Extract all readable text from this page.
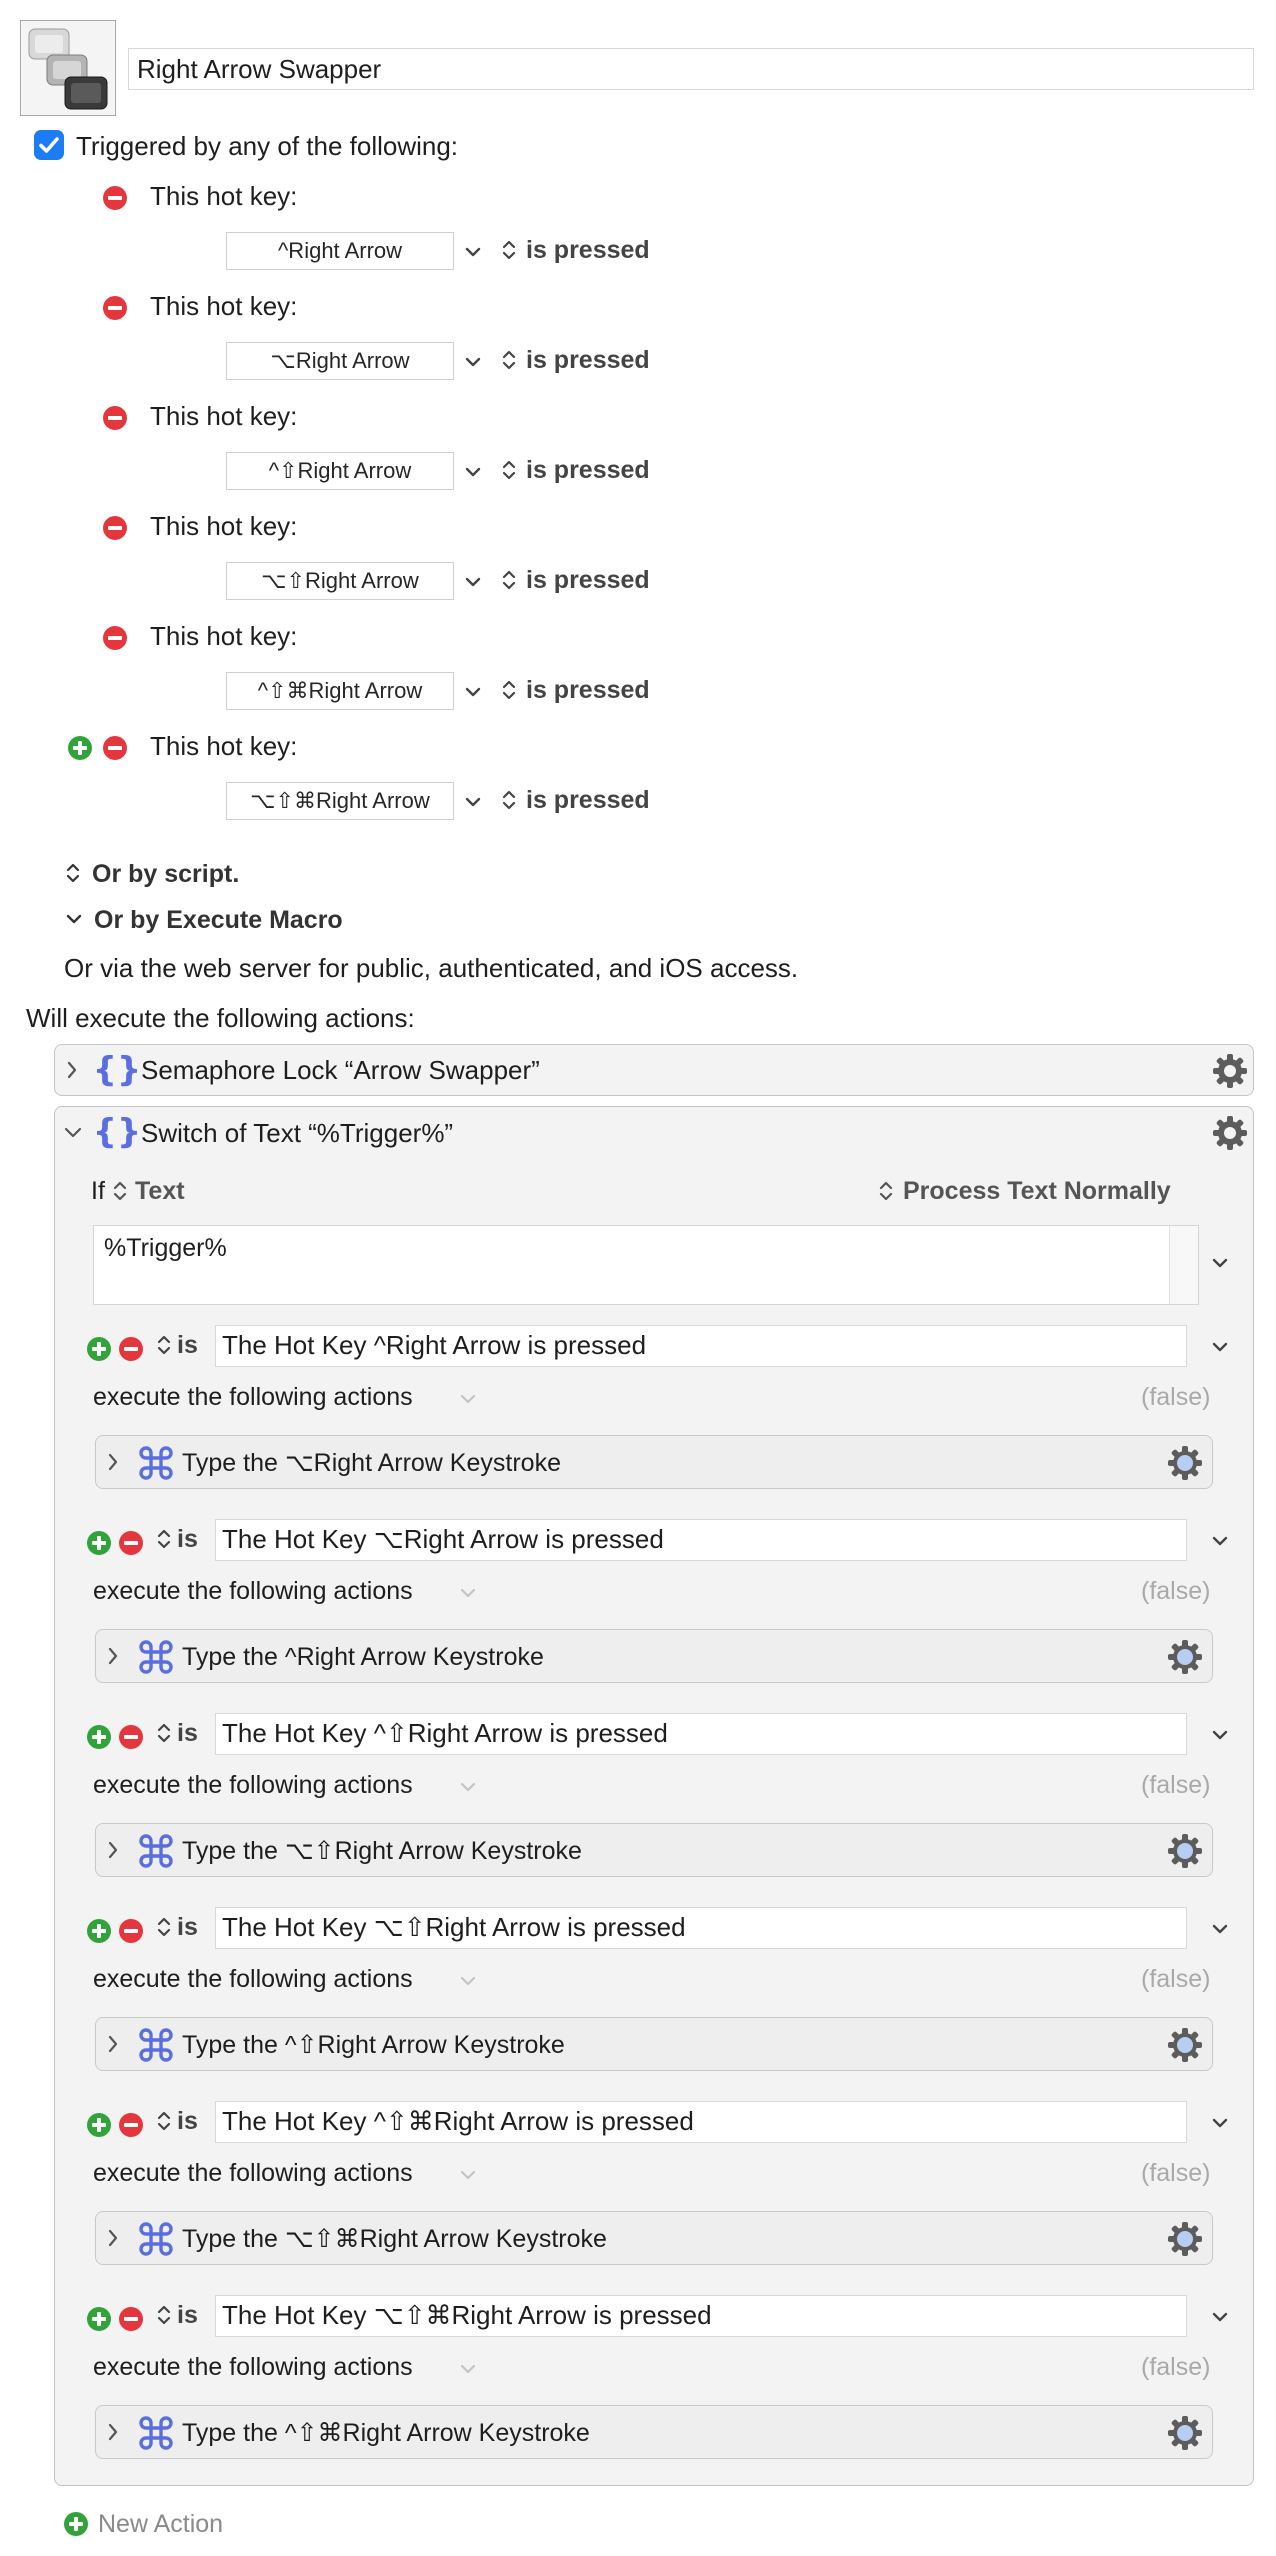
Right Arrow Swapper
Triggered by any of the following:
This hot key:
^Right Arrow	is pressed
This hot key:
⌥Right Arrow	is pressed
This hot key:
^⇧Right Arrow	is pressed
This hot key:
⌥⇧Right Arrow	is pressed
This hot key:
^⇧⌘Right Arrow	is pressed
This hot key:
⌥⇧⌘Right Arrow	is pressed
Or by script.
Or by Execute Macro
Or via the web server for public, authenticated, and iOS access.
Will execute the following actions:
{} Semaphore Lock “Arrow Swapper”
{} Switch of Text “%Trigger%”
If Text	Process Text Normally
%Trigger%
is The Hot Key ^Right Arrow is pressed
execute the following actions	(false)
Type the ⌥Right Arrow Keystroke
is The Hot Key ⌥Right Arrow is pressed
execute the following actions	(false)
Type the ^Right Arrow Keystroke
is The Hot Key ^⇧Right Arrow is pressed
execute the following actions	(false)
Type the ⌥⇧Right Arrow Keystroke
is The Hot Key ⌥⇧Right Arrow is pressed
execute the following actions	(false)
Type the ^⇧Right Arrow Keystroke
is The Hot Key ^⇧⌘Right Arrow is pressed
execute the following actions	(false)
Type the ⌥⇧⌘Right Arrow Keystroke
is The Hot Key ⌥⇧⌘Right Arrow is pressed
execute the following actions	(false)
Type the ^⇧⌘Right Arrow Keystroke
New Action
